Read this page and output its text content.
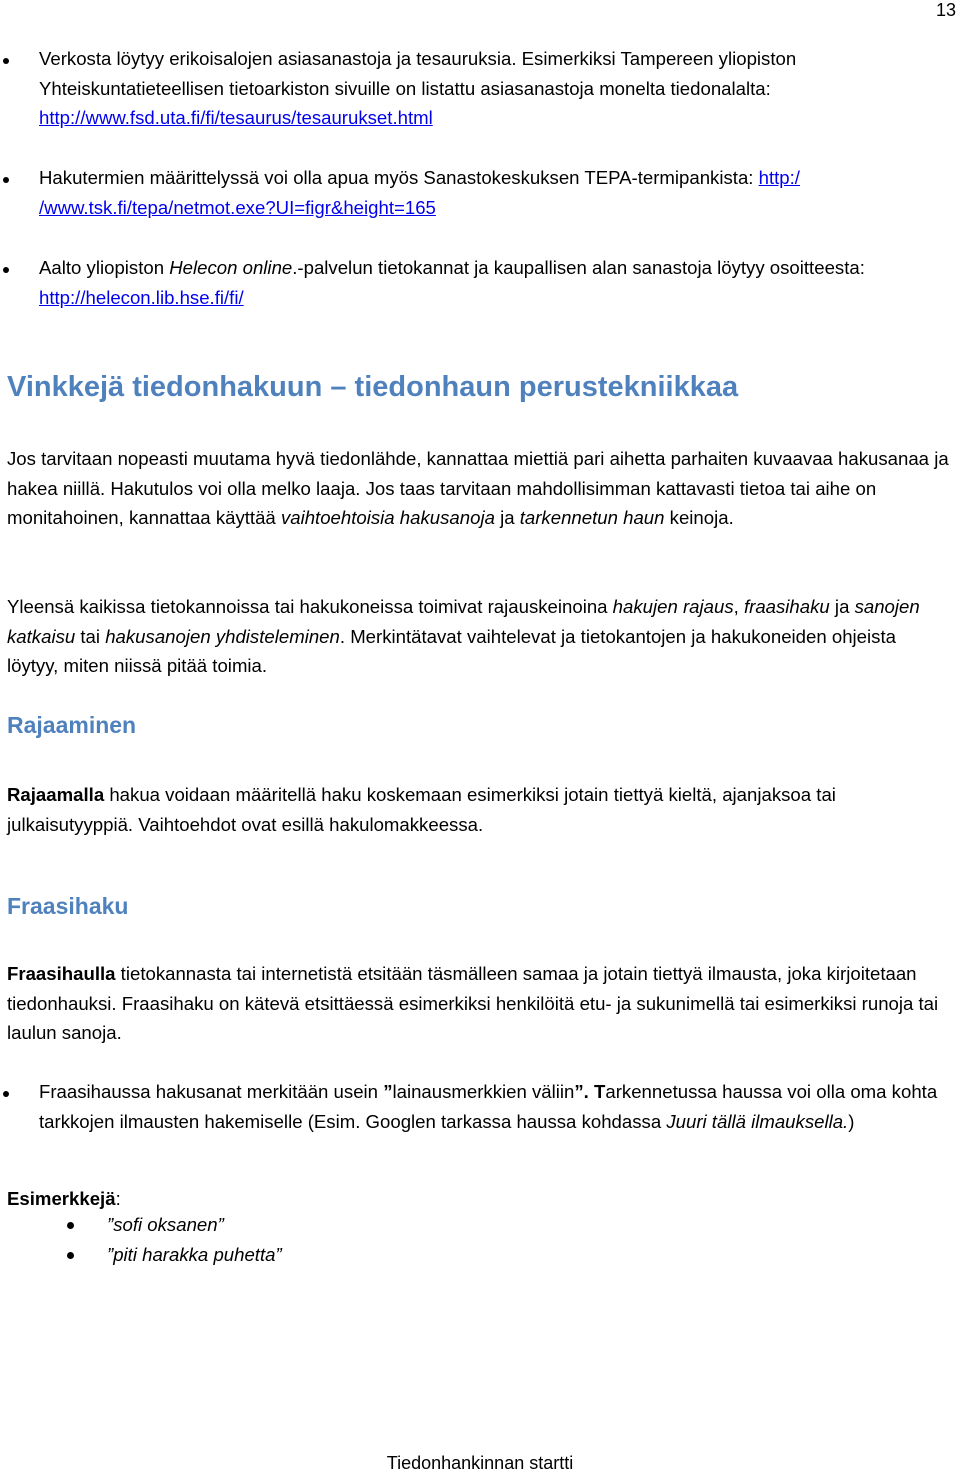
13
Verkosta löytyy erikoisalojen asiasanastoja ja tesauruksia. Esimerkiksi Tampereen yliopiston Yhteiskuntatieteellisen tietoarkiston sivuille on listattu asiasanastoja monelta tiedonalalta: http://www.fsd.uta.fi/fi/tesaurus/tesaurukset.html
Hakutermien määrittelyssä voi olla apua myös Sanastokeskuksen TEPA-termipankista: http:/ /www.tsk.fi/tepa/netmot.exe?UI=figr&height=165
Aalto yliopiston Helecon online.-palvelun tietokannat ja kaupallisen alan sanastoja löytyy osoitteesta: http://helecon.lib.hse.fi/fi/
Vinkkejä tiedonhakuun – tiedonhaun perustekniikkaa
Jos tarvitaan nopeasti muutama hyvä tiedonlähde, kannattaa miettiä pari aihetta parhaiten kuvaavaa hakusanaa ja hakea niillä. Hakutulos voi olla melko laaja. Jos taas tarvitaan mahdollisimman kattavasti tietoa tai aihe on monitahoinen, kannattaa käyttää vaihtoehtoisia hakusanoja ja tarkennetun haun keinoja.
Yleensä kaikissa tietokannoissa tai hakukoneissa toimivat rajauskeinoina hakujen rajaus, fraasihaku ja sanojen katkaisu tai hakusanojen yhdisteleminen. Merkintätavat vaihtelevat ja tietokantojen ja hakukoneiden ohjeista löytyy, miten niissä pitää toimia.
Rajaaminen
Rajaamalla hakua voidaan määritellä haku koskemaan esimerkiksi jotain tiettyä kieltä, ajanjaksoa tai julkaisutyyppiä. Vaihtoehdot ovat esillä hakulomakkeessa.
Fraasihaku
Fraasihaulla tietokannasta tai internetistä etsitään täsmälleen samaa ja jotain tiettyä ilmausta, joka kirjoitetaan tiedonhauksi. Fraasihaku on kätevä etsittäessä esimerkiksi henkilöitä etu- ja sukunimellä tai esimerkiksi runoja tai laulun sanoja.
Fraasihaussa hakusanat merkitään usein ”lainausmerkkien väliin”. Tarkennetussa haussa voi olla oma kohta tarkkojen ilmausten hakemiselle (Esim. Googlen tarkassa haussa kohdassa Juuri tällä ilmauksella.)
Esimerkkejä:
”sofi oksanen”
”piti harakka puhetta”
Tiedonhankinnan startti
